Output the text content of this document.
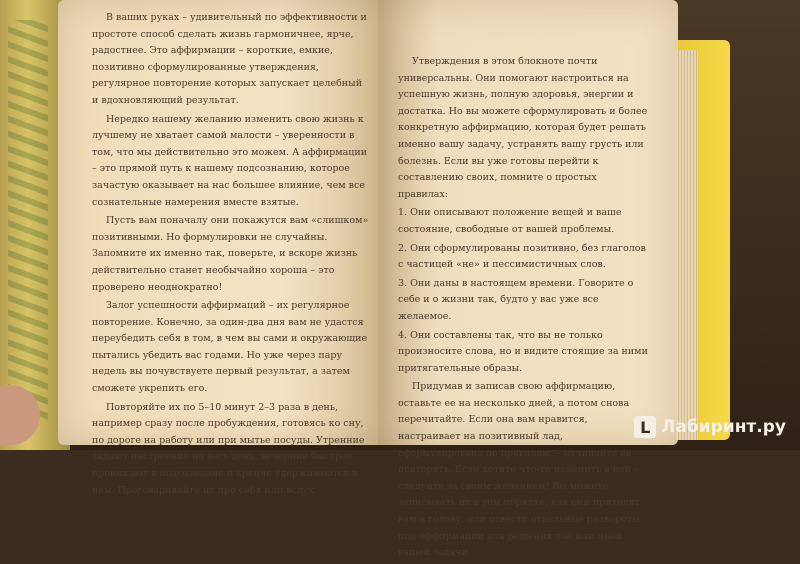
В ваших руках – удивительный по эффективности и простоте способ сделать жизнь гармоничнее, ярче, радостнее. Это аффирмации – короткие, емкие, позитивно сформулированные утверждения, регулярное повторение которых запускает целебный и вдохновляющий результат.

Нередко нашему желанию изменить свою жизнь к лучшему не хватает самой малости – уверенности в том, что мы действительно это можем. А аффирмации – это прямой путь к нашему подсознанию, которое зачастую оказывает на нас большее влияние, чем все сознательные намерения вместе взятые.

Пусть вам поначалу они покажутся вам «слишком» позитивными. Но формулировки не случайны. Запомните их именно так, поверьте, и вскоре жизнь действительно станет необычайно хороша – это проверено неоднократно!

Залог успешности аффирмаций – их регулярное повторение. Конечно, за один-два дня вам не удастся переубедить себя в том, в чем вы сами и окружающие пытались убедить вас годами. Но уже через пару недель вы почувствуете первый результат, а затем сможете укрепить его.

Повторяйте их по 5–10 минут 2–3 раза в день, например сразу после пробуждения, готовясь ко сну, по дороге на работу или при мытье посуды. Утренние задают настроение на весь день, вечерние быстрее проникают в подсознание и крепче удерживаются в нем. Проговаривайте их про себя или вслух.

Утверждения в этом блокноте почти универсальны. Они помогают настроиться на успешную жизнь, полную здоровья, энергии и достатка. Но вы можете сформулировать и более конкретную аффирмацию, которая будет решать именно вашу задачу, устранять вашу грусть или болезнь. Если вы уже готовы перейти к составлению своих, помните о простых правилах:

1. Они описывают положение вещей и ваше состояние, свободные от вашей проблемы.

2. Они сформулированы позитивно, без глаголов с частицей «не» и пессимистичных слов.

3. Они даны в настоящем времени. Говорите о себе и о жизни так, будто у вас уже все желаемое.

4. Они составлены так, что вы не только произносите слова, но и видите стоящие за ними притягательные образы.

Придумав и записав свою аффирмацию, оставьте ее на несколько дней, а потом снова перечитайте. Если она вам нравится, настраивает на позитивный лад, сформулирована по правилам, – начинайте ее повторять. Если хотите что-то изменить в ней – следуйте за своим желанием! Вы можете записывать их в том порядке, как они приходят вам в голову, или отвести отдельные развороты под аффирмации для решения той или иной вашей задачи.

L Лабиринт.ру
